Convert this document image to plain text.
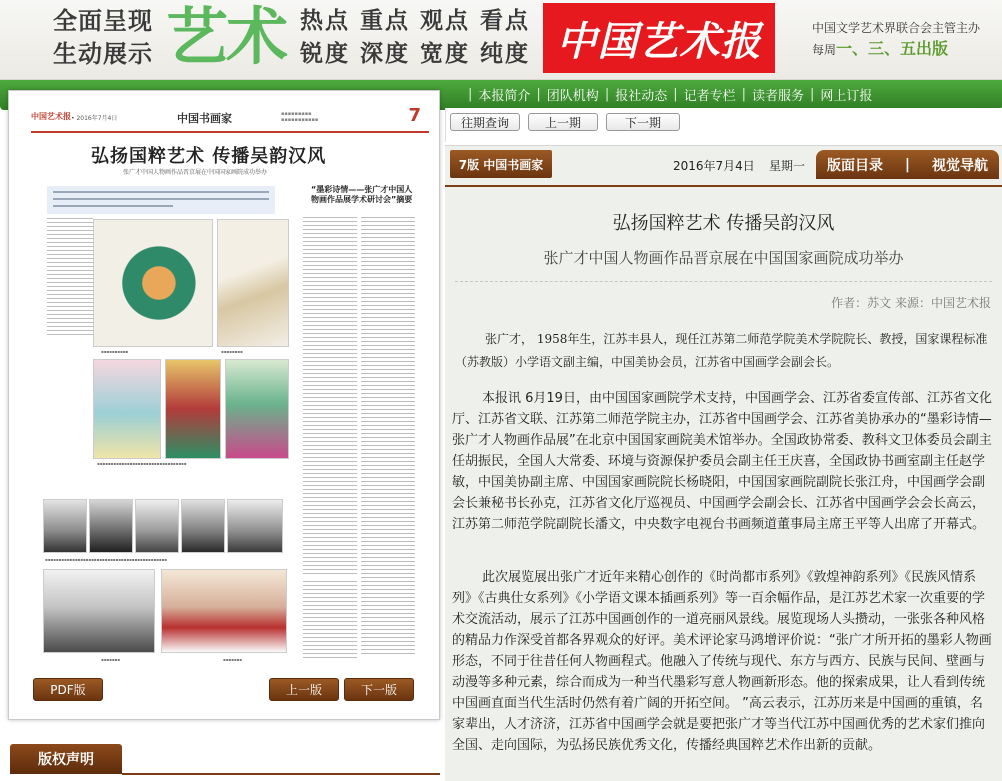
全面呈现
生动展示 艺术 热点 重点 观点 看点
锐度 深度 宽度 纯度 中国艺术报	中国文学艺术界联合会主管主办
每周一、三、五出版
| 本报简介 | 团队机构 | 报社动态 | 记者专栏 | 读者服务 | 网上订报
中国艺术报 • 2016年7月4日	中国书画家	▪▪▪▪▪▪▪▪▪
▪▪▪▪▪▪▪▪▪▪▪	7
弘扬国粹艺术 传播吴韵汉风
张广才中国人物画作品晋京展在中国国家画院成功举办
“墨彩诗情——张广才中国人物画作品展学术研讨会”摘要
▪▪▪▪▪▪▪▪▪▪	▪▪▪▪▪▪▪▪
▪▪▪▪▪▪▪▪▪▪▪▪▪▪▪▪▪▪▪▪▪▪▪▪▪▪▪▪▪▪▪▪▪
▪▪▪▪▪▪▪▪▪▪▪▪▪▪▪▪▪▪▪▪▪▪▪▪▪▪▪▪▪▪▪▪▪▪▪▪▪▪▪▪▪▪▪▪▪
▪▪▪▪▪▪▪	▪▪▪▪▪▪▪
PDF版	上一版	下一版
版权声明
往期查询	上一期	下一期
7版 中国书画家	2016年7月4日 星期一 版面目录 | 视觉导航
弘扬国粹艺术 传播吴韵汉风
张广才中国人物画作品晋京展在中国国家画院成功举办
作者：苏文 来源：中国艺术报
张广才， 1958年生，江苏丰县人，现任江苏第二师范学院美术学院院长、教授，国家课程标准（苏教版）小学语文副主编，中国美协会员，江苏省中国画学会副会长。
本报讯 6月19日，由中国国家画院学术支持，中国画学会、江苏省委宣传部、江苏省文化厅、江苏省文联、江苏第二师范学院主办，江苏省中国画学会、江苏省美协承办的“墨彩诗情—张广才人物画作品展”在北京中国国家画院美术馆举办。全国政协常委、教科文卫体委员会副主任胡振民，全国人大常委、环境与资源保护委员会副主任王庆喜，全国政协书画室副主任赵学敏，中国美协副主席、中国国家画院院长杨晓阳，中国国家画院副院长张江舟，中国画学会副会长兼秘书长孙克，江苏省文化厅巡视员、中国画学会副会长、江苏省中国画学会会长高云，江苏第二师范学院副院长潘文，中央数字电视台书画频道董事局主席王平等人出席了开幕式。
此次展览展出张广才近年来精心创作的《时尚都市系列》《敦煌神韵系列》《民族风情系列》《古典仕女系列》《小学语文课本插画系列》等一百余幅作品，是江苏艺术家一次重要的学术交流活动，展示了江苏中国画创作的一道亮丽风景线。展览现场人头攒动，一张张各种风格的精品力作深受首都各界观众的好评。美术评论家马鸿增评价说：“张广才所开拓的墨彩人物画形态，不同于往昔任何人物画程式。他融入了传统与现代、东方与西方、民族与民间、壁画与动漫等多种元素，综合而成为一种当代墨彩写意人物画新形态。他的探索成果，让人看到传统中国画直面当代生活时仍然有着广阔的开拓空间。 ”高云表示，江苏历来是中国画的重镇，名家辈出，人才济济，江苏省中国画学会就是要把张广才等当代江苏中国画优秀的艺术家们推向全国、走向国际，为弘扬民族优秀文化，传播经典国粹艺术作出新的贡献。
